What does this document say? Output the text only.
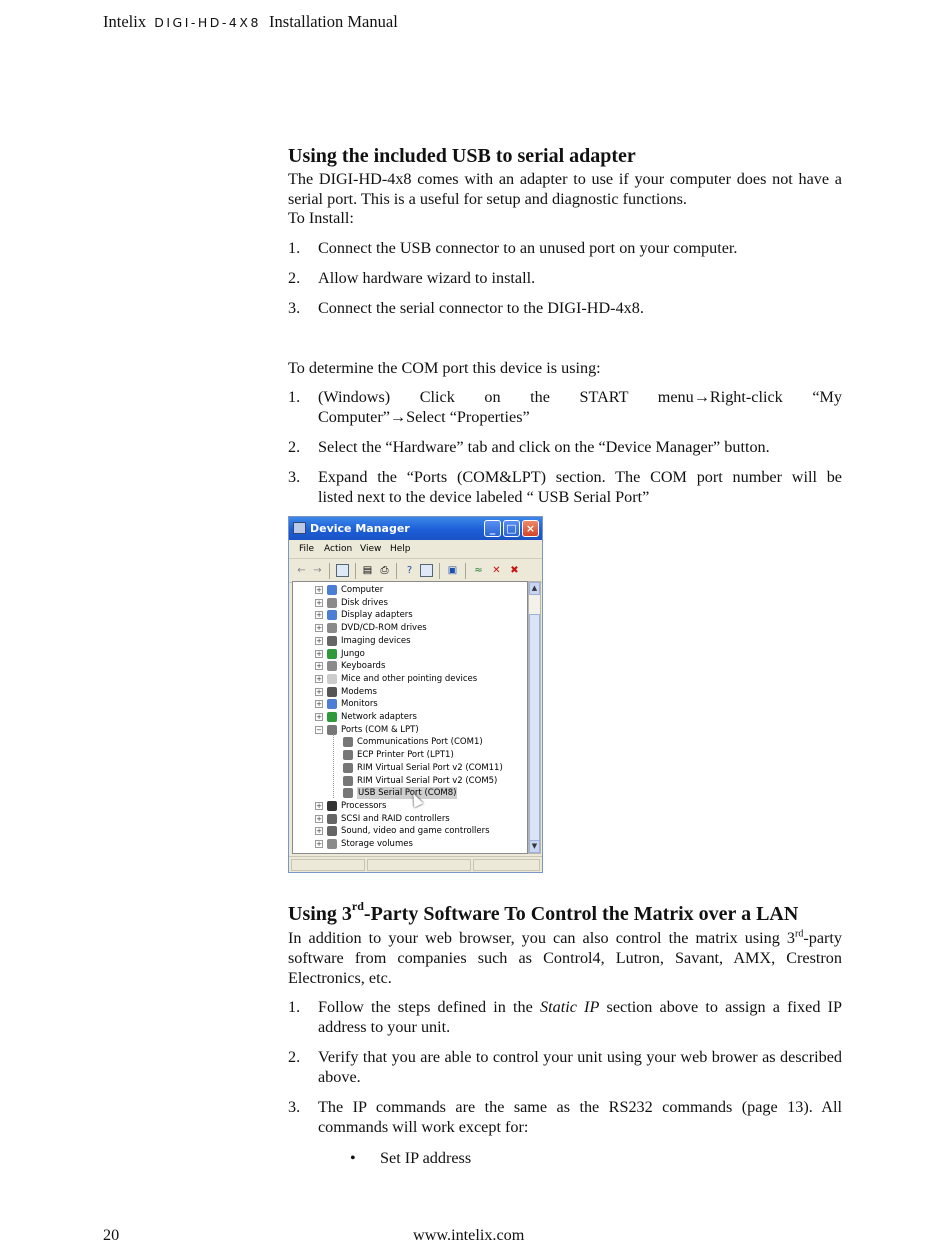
Intelix DIGI-HD-4X8 Installation Manual
Using the included USB to serial adapter
The DIGI-HD-4x8 comes with an adapter to use if your computer does not have a serial port. This is a useful for setup and diagnostic functions.
To Install:
1. Connect the USB connector to an unused port on your computer.
2. Allow hardware wizard to install.
3. Connect the serial connector to the DIGI-HD-4x8.
To determine the COM port this device is using:
1. (Windows) Click on the START menu→Right-click “My
Computer”→Select “Properties”
2. Select the “Hardware” tab and click on the “Device Manager” button.
3. Expand the “Ports (COM&LPT) section. The COM port number will be
listed next to the device labeled “ USB Serial Port”
Device Manager	_	□ ×
File Action View Help
← →	▤ ⎙	?	▣ ≈ ✕ ✖
+ Computer
+ Disk drives
+ Display adapters
+ DVD/CD-ROM drives
+ Imaging devices
+ Jungo
+ Keyboards
+ Mice and other pointing devices
+ Modems
+ Monitors
+ Network adapters
− Ports (COM & LPT)
Communications Port (COM1)
ECP Printer Port (LPT1)
RIM Virtual Serial Port v2 (COM11)
RIM Virtual Serial Port v2 (COM5)
USB Serial Port (COM8)
+ Processors
+ SCSI and RAID controllers
+ Sound, video and game controllers
+ Storage volumes
▲
▼
Using 3rd-Party Software To Control the Matrix over a LAN
In addition to your web browser, you can also control the matrix using 3rd-party software from companies such as Control4, Lutron, Savant, AMX, Crestron Electronics, etc.
1. Follow the steps defined in the Static IP section above to assign a fixed IP address to your unit.
2. Verify that you are able to control your unit using your web brower as described above.
3. The IP commands are the same as the RS232 commands (page 13). All commands will work except for:
• Set IP address
20	www.intelix.com
